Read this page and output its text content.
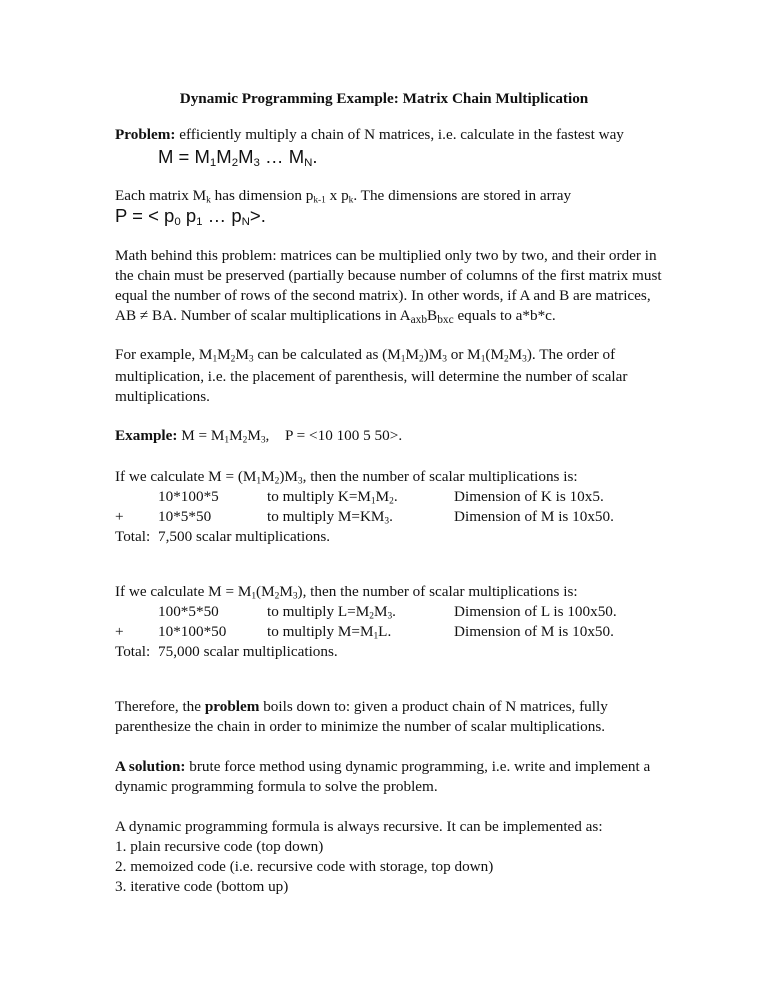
Dynamic Programming Example: Matrix Chain Multiplication
Problem: efficiently multiply a chain of N matrices, i.e. calculate in the fastest way
$M = M_1M_2M_3$ … $M_N$.
Each matrix $M_k$ has dimension $p_{k-1}$ x $p_k$. The dimensions are stored in array
P = < $p_0$ $p_1$ … $p_N>$.
Math behind this problem: matrices can be multiplied only two by two, and their order in
the chain must be preserved (partially because number of columns of the first matrix must
equal the number of rows of the second matrix). In other words, if A and B are matrices,
AB ≠ BA. Number of scalar multiplications in $A_{axb}B_{bxc}$ equals to a*b*c.
For example, $M_1M_2M_3$ can be calculated as $(M_1M_2)M_3$ or $M_1(M_2M_3)$. The order of
multiplication, i.e. the placement of parenthesis, will determine the number of scalar
multiplications.
Example: $M = M_1M_2M_3$, P = <10 100 5 50>.
If we calculate $M = (M_1M_2)M_3$, then the number of scalar multiplications is:
10*100*5	to multiply $K=M_1M_2$.	Dimension of K is 10x5.
+ 10*5*50	to multiply $M=KM_3$.	Dimension of M is 10x50.
Total: 7,500 scalar multiplications.
If we calculate $M = M_1(M_2M_3)$, then the number of scalar multiplications is:
100*5*50	to multiply $L=M_2M_3$.	Dimension of L is 100x50.
+ 10*100*50	to multiply $M=M_1L$.	Dimension of M is 10x50.
Total: 75,000 scalar multiplications.
Therefore, the problem boils down to: given a product chain of N matrices, fully
parenthesize the chain in order to minimize the number of scalar multiplications.
A solution: brute force method using dynamic programming, i.e. write and implement a
dynamic programming formula to solve the problem.
A dynamic programming formula is always recursive. It can be implemented as:
1. plain recursive code (top down)
2. memoized code (i.e. recursive code with storage, top down)
3. iterative code (bottom up)
